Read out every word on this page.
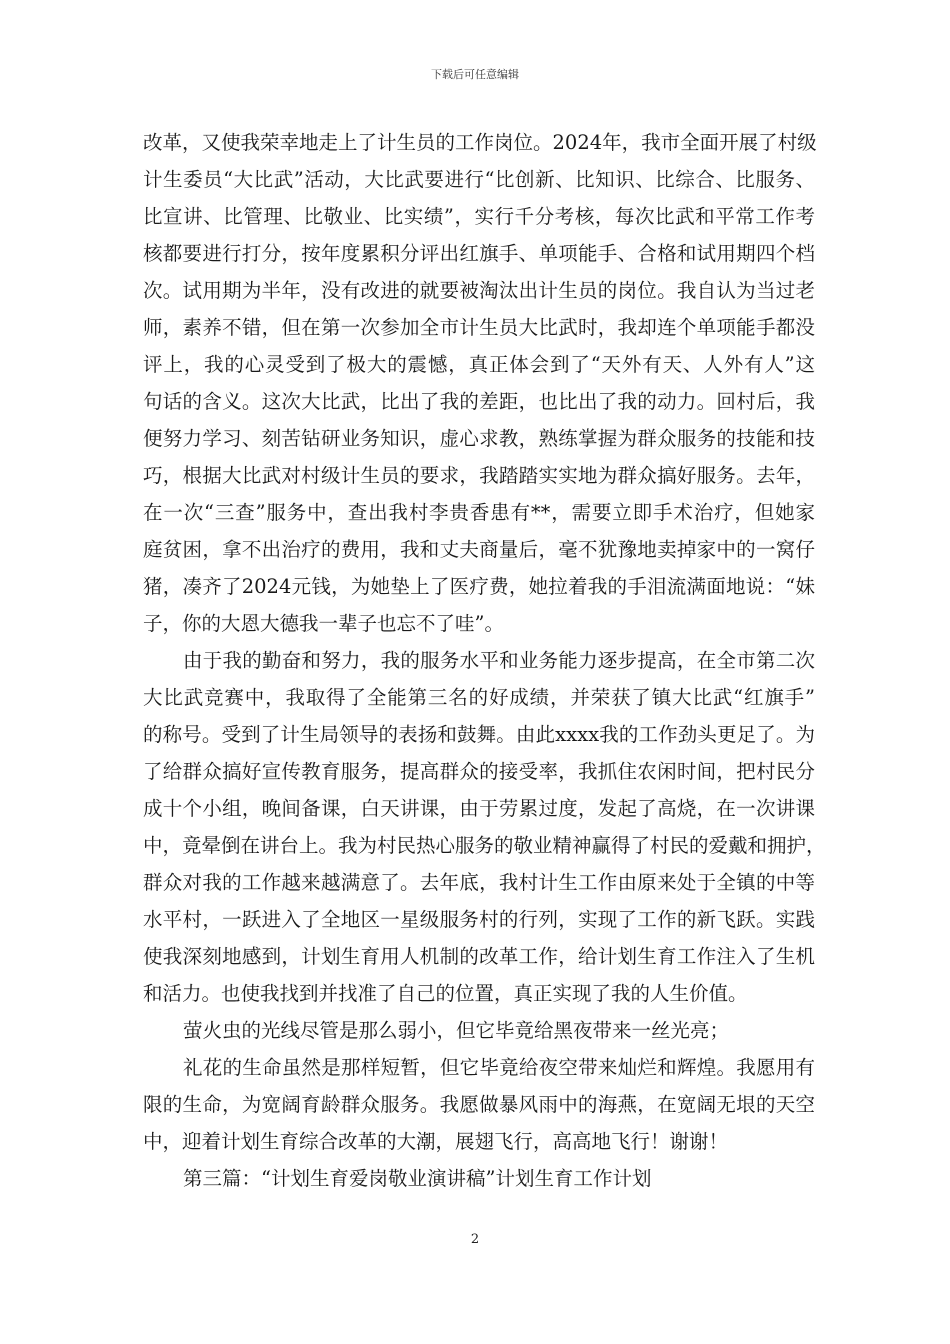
下载后可任意编辑
改革，又使我荣幸地走上了计生员的工作岗位。2024年，我市全面开展了村级
计生委员“大比武”活动，大比武要进行“比创新、比知识、比综合、比服务、
比宣讲、比管理、比敬业、比实绩”，实行千分考核，每次比武和平常工作考
核都要进行打分，按年度累积分评出红旗手、单项能手、合格和试用期四个档
次。试用期为半年，没有改进的就要被淘汰出计生员的岗位。我自认为当过老
师，素养不错，但在第一次参加全市计生员大比武时，我却连个单项能手都没
评上，我的心灵受到了极大的震憾，真正体会到了“天外有天、人外有人”这
句话的含义。这次大比武，比出了我的差距，也比出了我的动力。回村后，我
便努力学习、刻苦钻研业务知识，虚心求教，熟练掌握为群众服务的技能和技
巧，根据大比武对村级计生员的要求，我踏踏实实地为群众搞好服务。去年，
在一次“三查”服务中，查出我村李贵香患有**，需要立即手术治疗，但她家
庭贫困，拿不出治疗的费用，我和丈夫商量后，毫不犹豫地卖掉家中的一窝仔
猪，凑齐了2024元钱，为她垫上了医疗费，她拉着我的手泪流满面地说：“妹
子，你的大恩大德我一辈子也忘不了哇”。
由于我的勤奋和努力，我的服务水平和业务能力逐步提高，在全市第二次
大比武竞赛中，我取得了全能第三名的好成绩，并荣获了镇大比武“红旗手”
的称号。受到了计生局领导的表扬和鼓舞。由此xxxx我的工作劲头更足了。为
了给群众搞好宣传教育服务，提高群众的接受率，我抓住农闲时间，把村民分
成十个小组，晚间备课，白天讲课，由于劳累过度，发起了高烧，在一次讲课
中，竟晕倒在讲台上。我为村民热心服务的敬业精神赢得了村民的爱戴和拥护，
群众对我的工作越来越满意了。去年底，我村计生工作由原来处于全镇的中等
水平村，一跃进入了全地区一星级服务村的行列，实现了工作的新飞跃。实践
使我深刻地感到，计划生育用人机制的改革工作，给计划生育工作注入了生机
和活力。也使我找到并找准了自己的位置，真正实现了我的人生价值。
萤火虫的光线尽管是那么弱小，但它毕竟给黑夜带来一丝光亮；
礼花的生命虽然是那样短暂，但它毕竟给夜空带来灿烂和辉煌。我愿用有
限的生命，为宽阔育龄群众服务。我愿做暴风雨中的海燕，在宽阔无垠的天空
中，迎着计划生育综合改革的大潮，展翅飞行，高高地飞行！谢谢！
第三篇：“计划生育爱岗敬业演讲稿”计划生育工作计划
2
